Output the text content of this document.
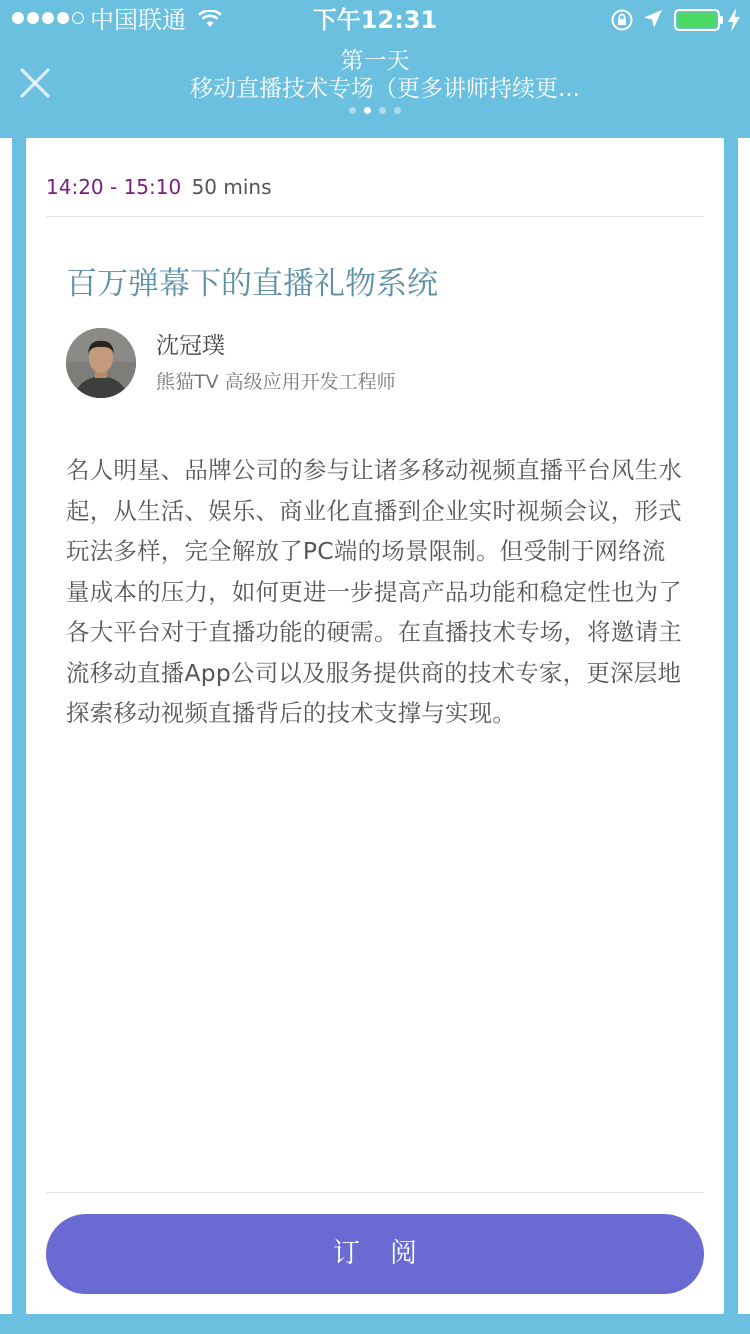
中国联通	下午12:31
第一天
移动直播技术专场（更多讲师持续更...
14:20 - 15:10 50 mins
百万弹幕下的直播礼物系统
沈冠璞
熊猫TV 高级应用开发工程师
名人明星、品牌公司的参与让诸多移动视频直播平台风生水起，从生活、娱乐、商业化直播到企业实时视频会议，形式玩法多样，完全解放了PC端的场景限制。但受制于网络流量成本的压力，如何更进一步提高产品功能和稳定性也为了各大平台对于直播功能的硬需。在直播技术专场，将邀请主流移动直播App公司以及服务提供商的技术专家，更深层地探索移动视频直播背后的技术支撑与实现。
订阅
